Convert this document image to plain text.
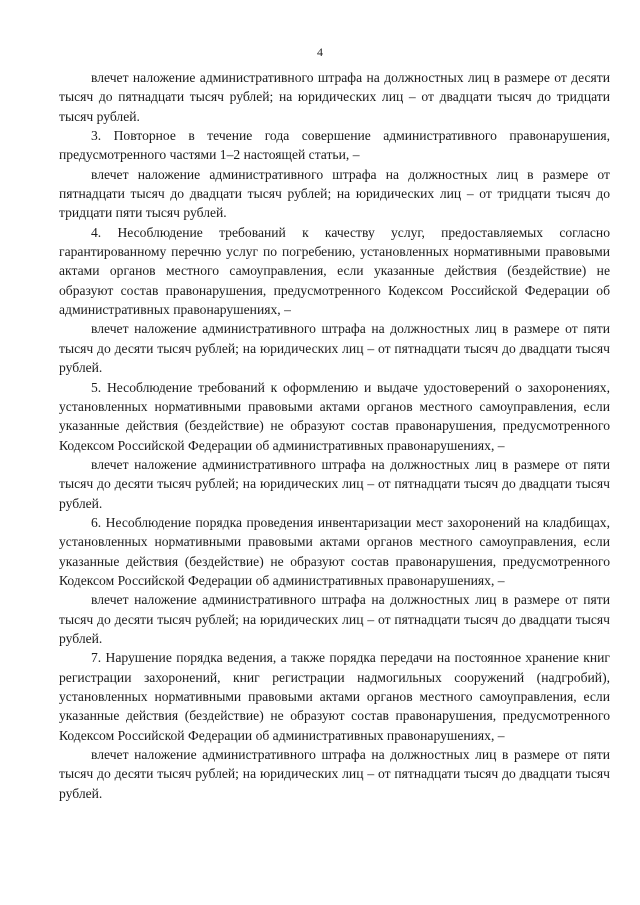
4

влечет наложение административного штрафа на должностных лиц в размере от десяти тысяч до пятнадцати тысяч рублей; на юридических лиц – от двадцати тысяч до тридцати тысяч рублей.

3. Повторное в течение года совершение административного правонарушения, предусмотренного частями 1–2 настоящей статьи, –

влечет наложение административного штрафа на должностных лиц в размере от пятнадцати тысяч до двадцати тысяч рублей; на юридических лиц – от тридцати тысяч до тридцати пяти тысяч рублей.

4. Несоблюдение требований к качеству услуг, предоставляемых согласно гарантированному перечню услуг по погребению, установленных нормативными правовыми актами органов местного самоуправления, если указанные действия (бездействие) не образуют состав правонарушения, предусмотренного Кодексом Российской Федерации об административных правонарушениях, –

влечет наложение административного штрафа на должностных лиц в размере от пяти тысяч до десяти тысяч рублей; на юридических лиц – от пятнадцати тысяч до двадцати тысяч рублей.

5. Несоблюдение требований к оформлению и выдаче удостоверений о захоронениях, установленных нормативными правовыми актами органов местного самоуправления, если указанные действия (бездействие) не образуют состав правонарушения, предусмотренного Кодексом Российской Федерации об административных правонарушениях, –

влечет наложение административного штрафа на должностных лиц в размере от пяти тысяч до десяти тысяч рублей; на юридических лиц – от пятнадцати тысяч до двадцати тысяч рублей.

6. Несоблюдение порядка проведения инвентаризации мест захоронений на кладбищах, установленных нормативными правовыми актами органов местного самоуправления, если указанные действия (бездействие) не образуют состав правонарушения, предусмотренного Кодексом Российской Федерации об административных правонарушениях, –

влечет наложение административного штрафа на должностных лиц в размере от пяти тысяч до десяти тысяч рублей; на юридических лиц – от пятнадцати тысяч до двадцати тысяч рублей.

7. Нарушение порядка ведения, а также порядка передачи на постоянное хранение книг регистрации захоронений, книг регистрации надмогильных сооружений (надгробий), установленных нормативными правовыми актами органов местного самоуправления, если указанные действия (бездействие) не образуют состав правонарушения, предусмотренного Кодексом Российской Федерации об административных правонарушениях, –

влечет наложение административного штрафа на должностных лиц в размере от пяти тысяч до десяти тысяч рублей; на юридических лиц – от пятнадцати тысяч до двадцати тысяч рублей.
